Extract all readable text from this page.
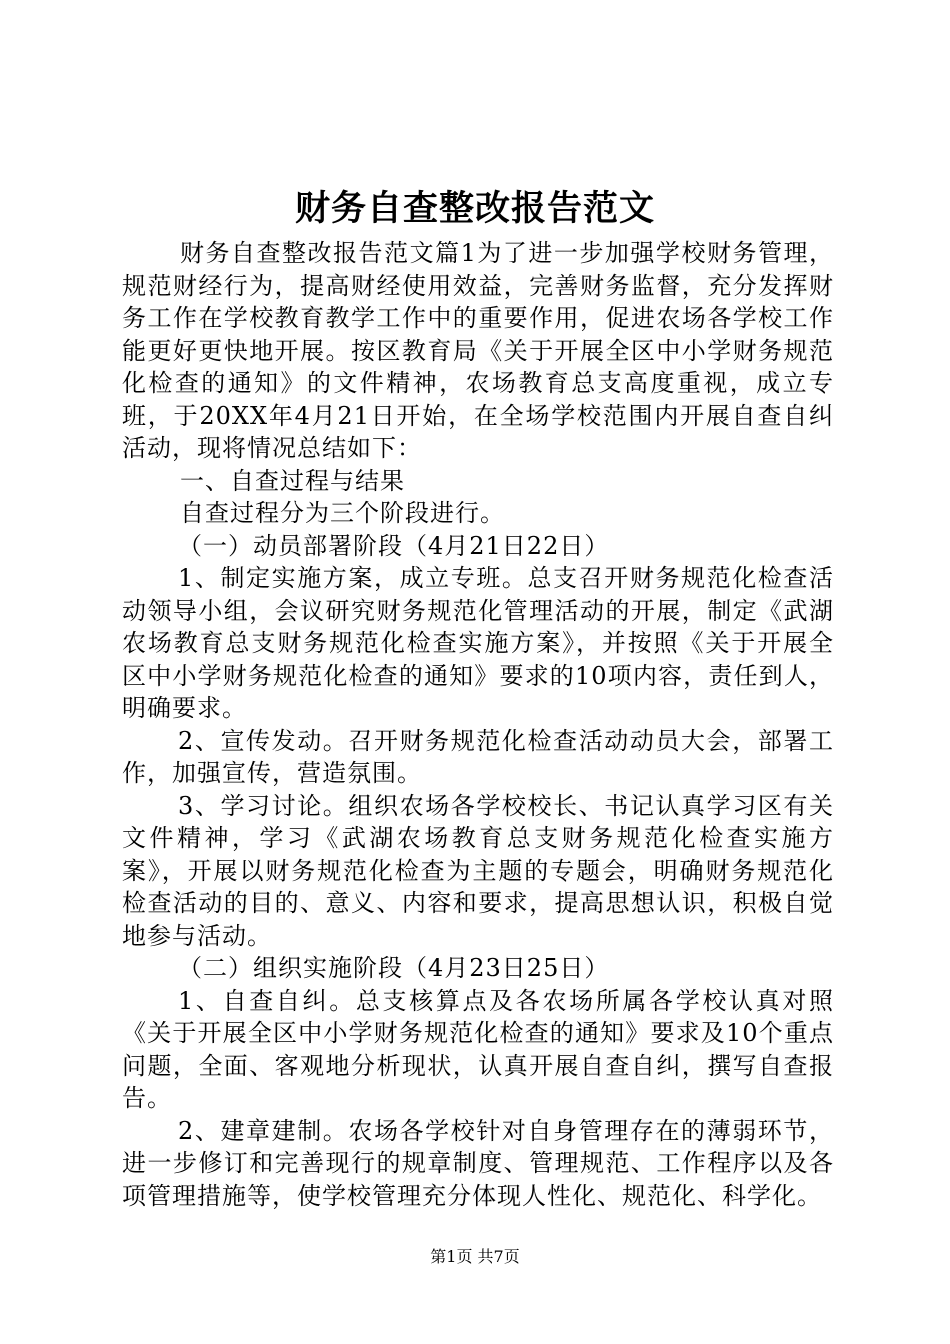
财务自查整改报告范文

财务自查整改报告范文篇1为了进一步加强学校财务管理，规范财经行为，提高财经使用效益，完善财务监督，充分发挥财务工作在学校教育教学工作中的重要作用，促进农场各学校工作能更好更快地开展。按区教育局《关于开展全区中小学财务规范化检查的通知》的文件精神，农场教育总支高度重视，成立专班，于20XX年4月21日开始，在全场学校范围内开展自查自纠活动，现将情况总结如下：

一、自查过程与结果

自查过程分为三个阶段进行。

（一）动员部署阶段（4月21日22日）

1、制定实施方案，成立专班。总支召开财务规范化检查活动领导小组，会议研究财务规范化管理活动的开展，制定《武湖农场教育总支财务规范化检查实施方案》，并按照《关于开展全区中小学财务规范化检查的通知》要求的10项内容，责任到人，明确要求。

2、宣传发动。召开财务规范化检查活动动员大会，部署工作，加强宣传，营造氛围。

3、学习讨论。组织农场各学校校长、书记认真学习区有关文件精神，学习《武湖农场教育总支财务规范化检查实施方案》，开展以财务规范化检查为主题的专题会，明确财务规范化检查活动的目的、意义、内容和要求，提高思想认识，积极自觉地参与活动。

（二）组织实施阶段（4月23日25日）

1、自查自纠。总支核算点及各农场所属各学校认真对照《关于开展全区中小学财务规范化检查的通知》要求及10个重点问题，全面、客观地分析现状，认真开展自查自纠，撰写自查报告。

2、建章建制。农场各学校针对自身管理存在的薄弱环节，进一步修订和完善现行的规章制度、管理规范、工作程序以及各项管理措施等，使学校管理充分体现人性化、规范化、科学化。

第1页 共7页
